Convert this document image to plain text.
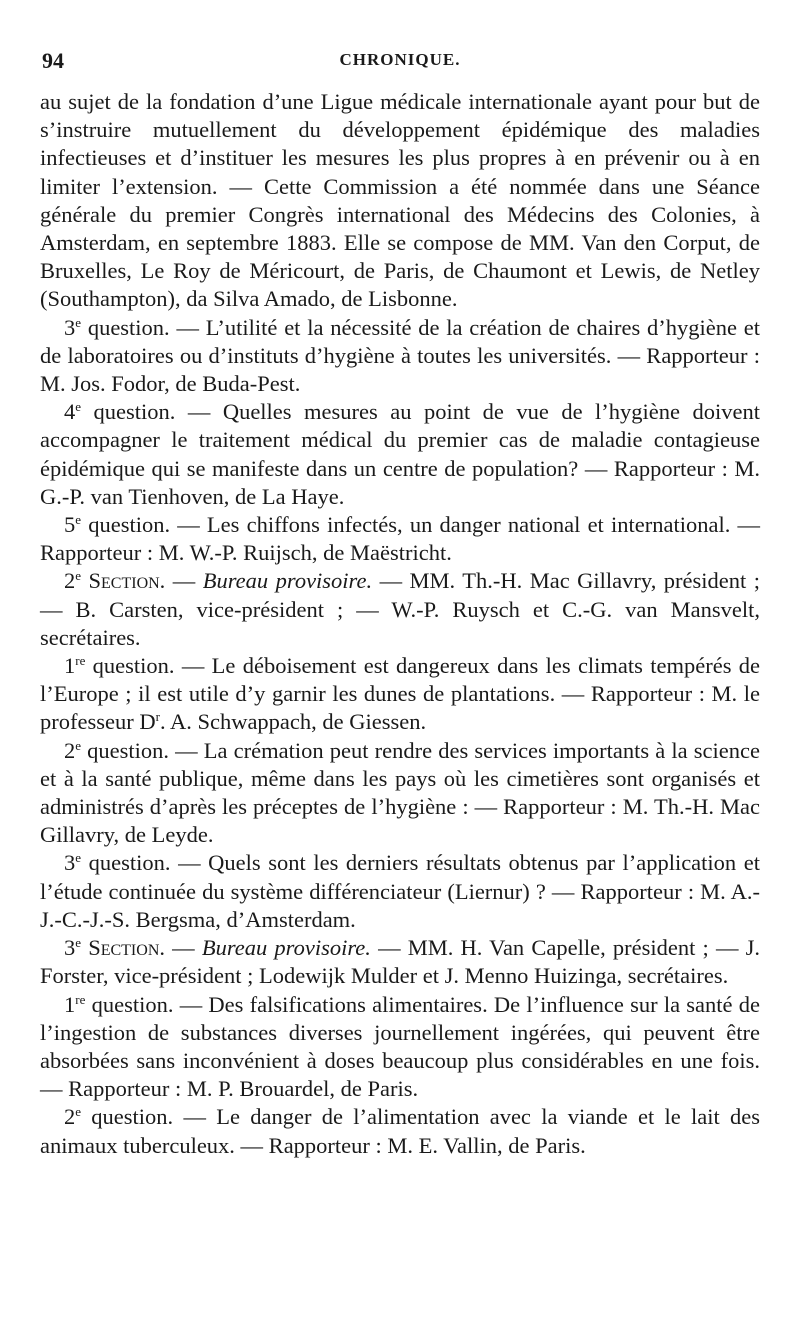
94	CHRONIQUE.

au sujet de la fondation d’une Ligue médicale internationale ayant pour but de s’instruire mutuellement du développement épidémique des maladies infectieuses et d’instituer les mesures les plus propres à en prévenir ou à en limiter l’extension. — Cette Commission a été nommée dans une Séance générale du premier Congrès international des Médecins des Colonies, à Amsterdam, en septembre 1883. Elle se compose de MM. Van den Corput, de Bruxelles, Le Roy de Méricourt, de Paris, de Chaumont et Lewis, de Netley (Southampton), da Silva Amado, de Lisbonne.

3e question. — L’utilité et la nécessité de la création de chaires d’hygiène et de laboratoires ou d’instituts d’hygiène à toutes les universités. — Rapporteur : M. Jos. Fodor, de Buda-Pest.

4e question. — Quelles mesures au point de vue de l’hygiène doivent accompagner le traitement médical du premier cas de maladie contagieuse épidémique qui se manifeste dans un centre de population? — Rapporteur : M. G.-P. van Tienhoven, de La Haye.

5e question. — Les chiffons infectés, un danger national et international. — Rapporteur : M. W.-P. Ruijsch, de Maëstricht.

2e Section. — Bureau provisoire. — MM. Th.-H. Mac Gillavry, président ; — B. Carsten, vice-président ; — W.-P. Ruysch et C.-G. van Mansvelt, secrétaires.

1re question. — Le déboisement est dangereux dans les climats tempérés de l’Europe ; il est utile d’y garnir les dunes de plantations. — Rapporteur : M. le professeur $D^r$. A. Schwappach, de Giessen.

2e question. — La crémation peut rendre des services importants à la science et à la santé publique, même dans les pays où les cimetières sont organisés et administrés d’après les préceptes de l’hygiène : — Rapporteur : M. Th.-H. Mac Gillavry, de Leyde.

3e question. — Quels sont les derniers résultats obtenus par l’application et l’étude continuée du système différenciateur (Liernur) ? — Rapporteur : M. A.-J.-C.-J.-S. Bergsma, d’Amsterdam.

3e Section. — Bureau provisoire. — MM. H. Van Capelle, président ; — J. Forster, vice-président ; Lodewijk Mulder et J. Menno Huizinga, secrétaires.

1re question. — Des falsifications alimentaires. De l’influence sur la santé de l’ingestion de substances diverses journellement ingérées, qui peuvent être absorbées sans inconvénient à doses beaucoup plus considérables en une fois. — Rapporteur : M. P. Brouardel, de Paris.

2e question. — Le danger de l’alimentation avec la viande et le lait des animaux tuberculeux. — Rapporteur : M. E. Vallin, de Paris.
